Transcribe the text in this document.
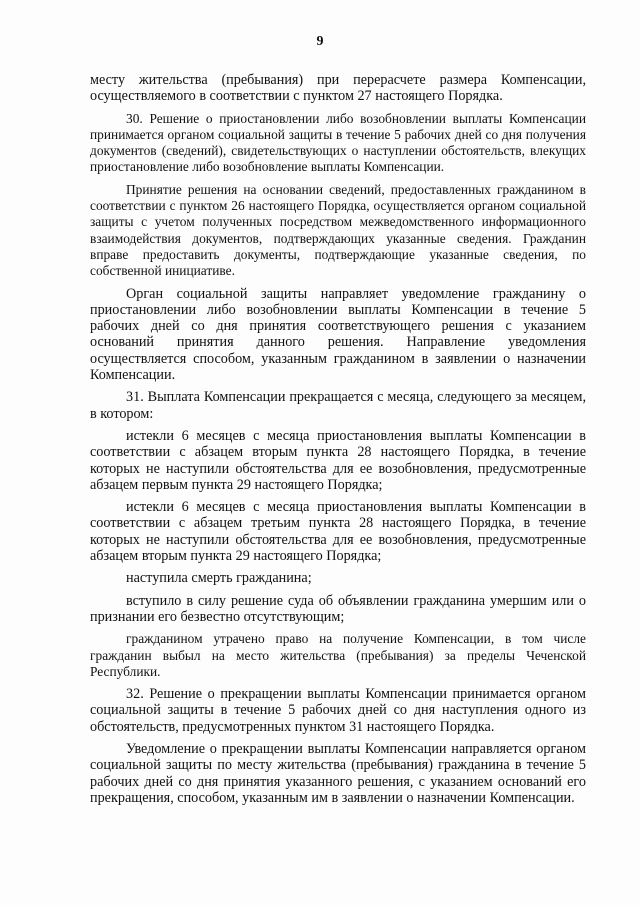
9

месту жительства (пребывания) при перерасчете размера Компенсации, осуществляемого в соответствии с пунктом 27 настоящего Порядка.

30. Решение о приостановлении либо возобновлении выплаты Компенсации принимается органом социальной защиты в течение 5 рабочих дней со дня получения документов (сведений), свидетельствующих о наступлении обстоятельств, влекущих приостановление либо возобновление выплаты Компенсации.

Принятие решения на основании сведений, предоставленных гражданином в соответствии с пунктом 26 настоящего Порядка, осуществляется органом социальной защиты с учетом полученных посредством межведомственного информационного взаимодействия документов, подтверждающих указанные сведения. Гражданин вправе предоставить документы, подтверждающие указанные сведения, по собственной инициативе.

Орган социальной защиты направляет уведомление гражданину о приостановлении либо возобновлении выплаты Компенсации в течение 5 рабочих дней со дня принятия соответствующего решения с указанием оснований принятия данного решения. Направление уведомления осуществляется способом, указанным гражданином в заявлении о назначении Компенсации.

31. Выплата Компенсации прекращается с месяца, следующего за месяцем, в котором:

истекли 6 месяцев с месяца приостановления выплаты Компенсации в соответствии с абзацем вторым пункта 28 настоящего Порядка, в течение которых не наступили обстоятельства для ее возобновления, предусмотренные абзацем первым пункта 29 настоящего Порядка;

истекли 6 месяцев с месяца приостановления выплаты Компенсации в соответствии с абзацем третьим пункта 28 настоящего Порядка, в течение которых не наступили обстоятельства для ее возобновления, предусмотренные абзацем вторым пункта 29 настоящего Порядка;

наступила смерть гражданина;

вступило в силу решение суда об объявлении гражданина умершим или о признании его безвестно отсутствующим;

гражданином утрачено право на получение Компенсации, в том числе гражданин выбыл на место жительства (пребывания) за пределы Чеченской Республики.

32. Решение о прекращении выплаты Компенсации принимается органом социальной защиты в течение 5 рабочих дней со дня наступления одного из обстоятельств, предусмотренных пунктом 31 настоящего Порядка.

Уведомление о прекращении выплаты Компенсации направляется органом социальной защиты по месту жительства (пребывания) гражданина в течение 5 рабочих дней со дня принятия указанного решения, с указанием оснований его прекращения, способом, указанным им в заявлении о назначении Компенсации.
